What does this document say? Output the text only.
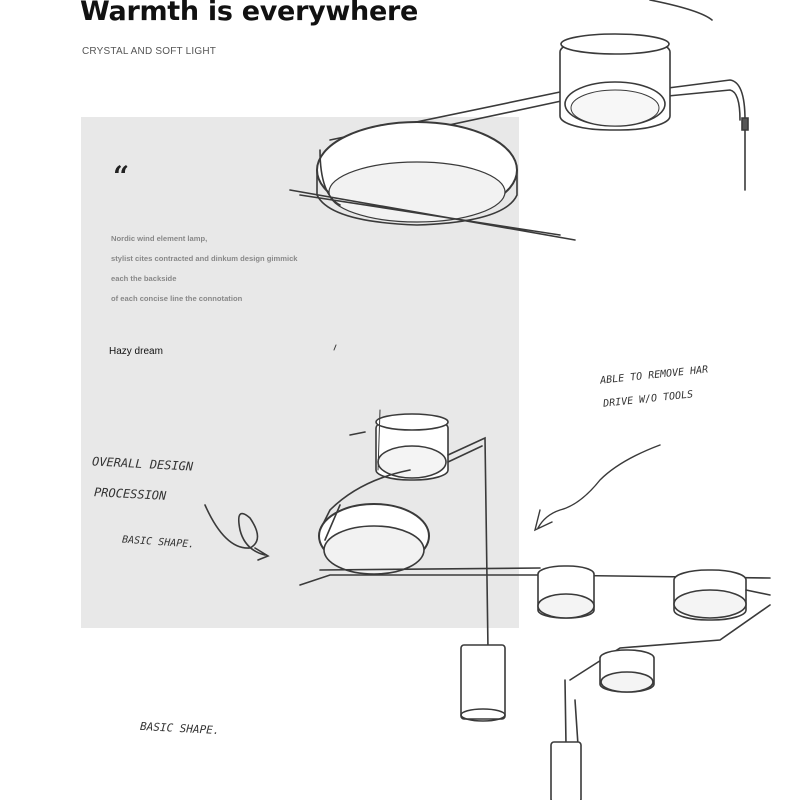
Warmth is everywhere
CRYSTAL AND SOFT LIGHT
“
Nordic wind element lamp,
stylist cites contracted and dinkum design gimmick
each the backside
of each concise line the connotation
Hazy dream
ABLE TO REMOVE HAR
DRIVE W/O TOOLS
OVERALL DESIGN
PROCESSION
BASIC SHAPE.
BASIC SHAPE.
